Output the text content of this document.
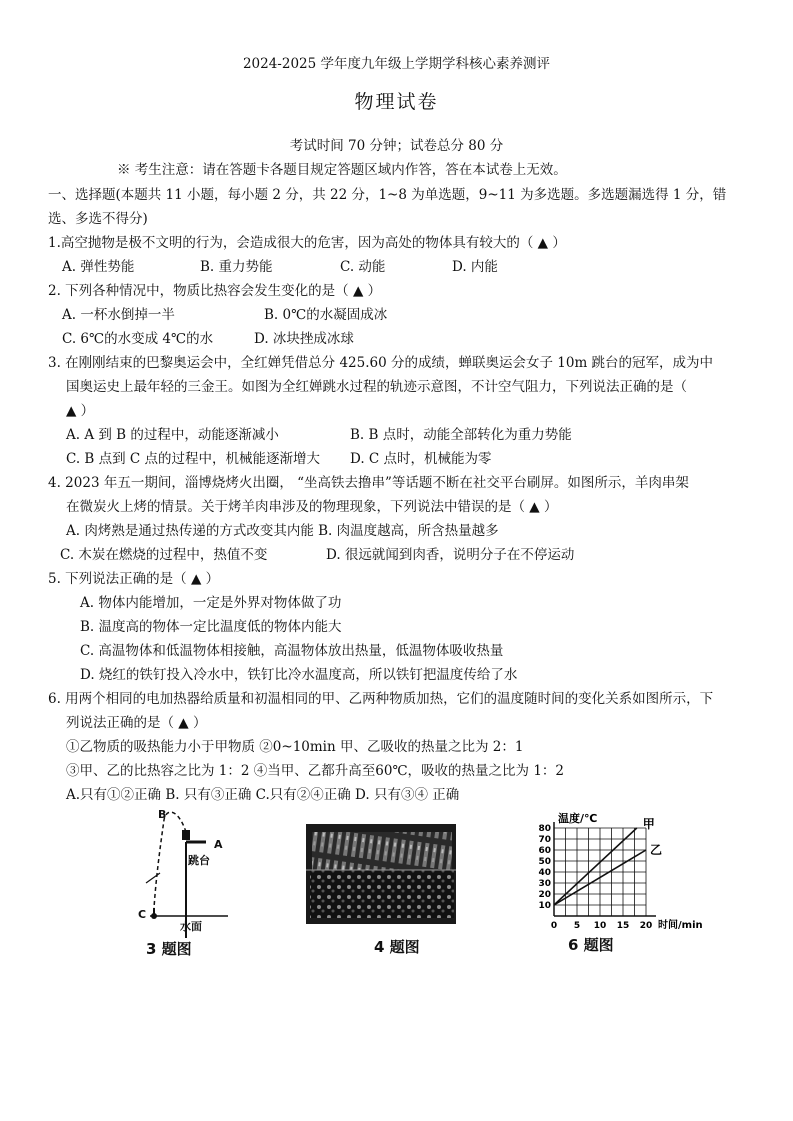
2024-2025 学年度九年级上学期学科核心素养测评
物理试卷
考试时间 70 分钟；试卷总分 80 分
※ 考生注意：请在答题卡各题目规定答题区域内作答，答在本试卷上无效。
一、选择题(本题共 11 小题，每小题 2 分，共 22 分，1~8 为单选题，9~11 为多选题。多选题漏选得 1 分，错
选、多选不得分)
1.高空抛物是极不文明的行为，会造成很大的危害，因为高处的物体具有较大的（ ▲ ）
A. 弹性势能	B. 重力势能	C. 动能	D. 内能
2. 下列各种情况中，物质比热容会发生变化的是（ ▲ ）
A. 一杯水倒掉一半	B. 0℃的水凝固成冰
C. 6℃的水变成 4℃的水	D. 冰块挫成冰球
3. 在刚刚结束的巴黎奥运会中，全红婵凭借总分 425.60 分的成绩，蝉联奥运会女子 10m 跳台的冠军，成为中
国奥运史上最年轻的三金王。如图为全红婵跳水过程的轨迹示意图，不计空气阻力，下列说法正确的是（
▲ ）
A. A 到 B 的过程中，动能逐渐减小	B. B 点时，动能全部转化为重力势能
C. B 点到 C 点的过程中，机械能逐渐增大 D. C 点时，机械能为零
4. 2023 年五一期间，淄博烧烤火出圈， “坐高铁去撸串”等话题不断在社交平台刷屏。如图所示，羊肉串架
在微炭火上烤的情景。关于烤羊肉串涉及的物理现象，下列说法中错误的是（ ▲ ）
A. 肉烤熟是通过热传递的方式改变其内能 B. 肉温度越高，所含热量越多
C. 木炭在燃烧的过程中，热值不变	D. 很远就闻到肉香，说明分子在不停运动
5. 下列说法正确的是（ ▲ ）
A. 物体内能增加，一定是外界对物体做了功
B. 温度高的物体一定比温度低的物体内能大
C. 高温物体和低温物体相接触，高温物体放出热量，低温物体吸收热量
D. 烧红的铁钉投入冷水中，铁钉比冷水温度高，所以铁钉把温度传给了水
6. 用两个相同的电加热器给质量和初温相同的甲、乙两种物质加热，它们的温度随时间的变化关系如图所示，下
列说法正确的是（ ▲ ）
①乙物质的吸热能力小于甲物质 ②0~10min 甲、乙吸收的热量之比为 2：1
③甲、乙的比热容之比为 1：2 ④当甲、乙都升高至60℃，吸收的热量之比为 1：2
A.只有①②正确 B. 只有③正确 C.只有②④正确 D. 只有③④ 正确
B
A
跳台
C
水面
3 题图	4 题图
80
70
60
50
40
30
20
10
0 5 10 15 20
温度/℃
时间/min
甲
乙
6 题图
